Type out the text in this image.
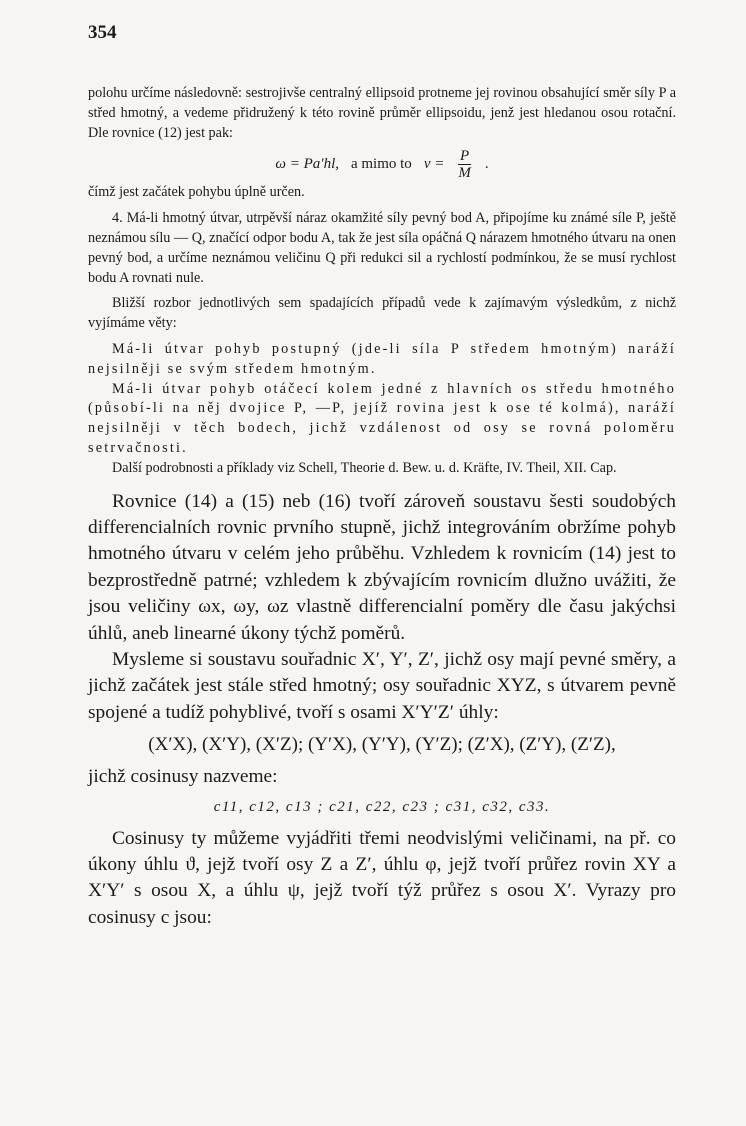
354

polohu určíme následovně: sestrojivše centralný ellipsoid protneme jej rovinou obsahující směr síly P a střed hmotný, a vedeme přidružený k této rovině průměr ellipsoidu, jenž jest hledanou osou rotační. Dle rovnice (12) jest pak:

ω = Pa′hl, a mimo to $v = \frac{P}{M}$ .

čímž jest začátek pohybu úplně určen.

4. Má-li hmotný útvar, utrpěvší náraz okamžité síly pevný bod A, připojíme ku známé síle P, ještě neznámou sílu — Q, značící odpor bodu A, tak že jest síla opáčná Q nárazem hmotného útvaru na onen pevný bod, a určíme neznámou veličinu Q při redukci sil a rychlostí podmínkou, že se musí rychlost bodu A rovnati nule.

Bližší rozbor jednotlivých sem spadajících případů vede k zajímavým výsledkům, z nichž vyjímáme věty:

Má-li útvar pohyb postupný (jde-li síla P středem hmotným) naráží nejsilněji se svým středem hmotným.

Má-li útvar pohyb otáčecí kolem jedné z hlavních os středu hmotného (působí-li na něj dvojice P, —P, jejíž rovina jest k ose té kolmá), naráží nejsilněji v těch bodech, jichž vzdálenost od osy se rovná poloměru setrvačnosti.

Další podrobnosti a příklady viz Schell, Theorie d. Bew. u. d. Kräfte, IV. Theil, XII. Cap.

Rovnice (14) a (15) neb (16) tvoří zároveň soustavu šesti soudobých differencialních rovnic prvního stupně, jichž integrováním obržíme pohyb hmotného útvaru v celém jeho průběhu. Vzhledem k rovnicím (14) jest to bezprostředně patrné; vzhledem k zbývajícím rovnicím dlužno uvážiti, že jsou veličiny ωx, ωy, ωz vlastně differencialní poměry dle času jakýchsi úhlů, aneb linearné úkony týchž poměrů.

Mysleme si soustavu souřadnic X′, Y′, Z′, jichž osy mají pevné směry, a jichž začátek jest stále střed hmotný; osy souřadnic XYZ, s útvarem pevně spojené a tudíž pohyblivé, tvoří s osami X′Y′Z′ úhly:

(X′X), (X′Y), (X′Z); (Y′X), (Y′Y), (Y′Z); (Z′X), (Z′Y), (Z′Z),

jichž cosinusy nazveme:

c11, c12, c13 ; c21, c22, c23 ; c31, c32, c33.

Cosinusy ty můžeme vyjádřiti třemi neodvislými veličinami, na př. co úkony úhlu ϑ, jejž tvoří osy Z a Z′, úhlu φ, jejž tvoří průřez rovin XY a X′Y′ s osou X, a úhlu ψ, jejž tvoří týž průřez s osou X′. Vyrazy pro cosinusy c jsou:
